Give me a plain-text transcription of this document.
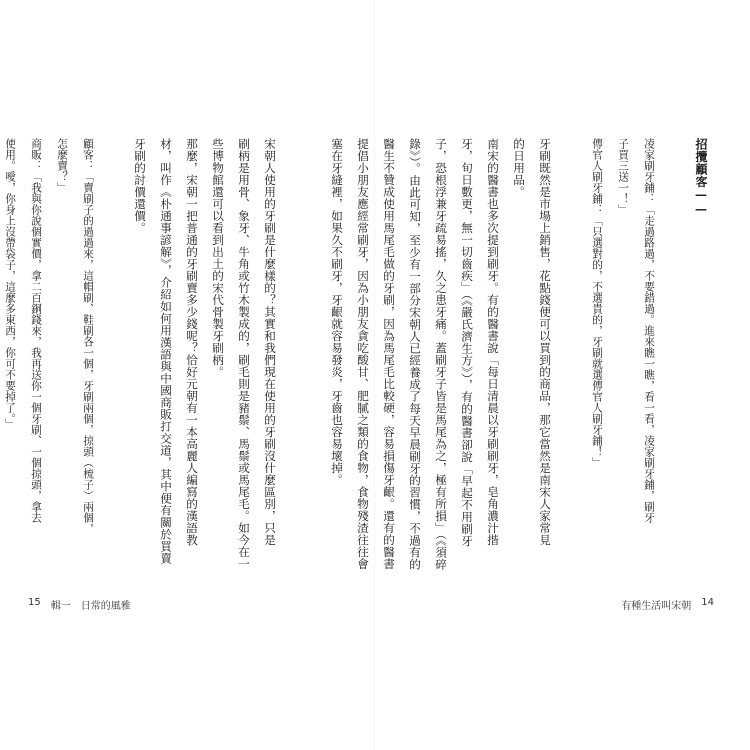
宋朝人使用的牙刷是什麼樣的？其實和我們現在使用的牙刷沒什麼區別，只是
刷柄是用骨、象牙、牛角或竹木製成的，刷毛則是豬鬃、馬鬃或馬尾毛。如今在一
些博物館還可以看到出土的宋代骨製牙刷柄。
那麼，宋朝一把普通的牙刷賣多少錢呢？恰好元朝有一本高麗人編寫的漢語教
材，叫作《朴通事諺解》，介紹如何用漢語與中國商販打交道，其中便有關於買賣
牙刷的討價還價。
顧客：「賣刷子的過過來，這帽刷、鞋刷各一個，牙刷兩個，掠頭（梳子）兩個，
怎麼賣？」
商販：「我與你說個實價，拿二百銅錢來，我再送你一個牙刷、一個掠頭，拿去
使用。噯，你身上沒帶袋子，這麼多東西，你可不要掉了。」
15 輯一　日常的風雅
招攬顧客——
凌家刷牙鋪：「走過路過，不要錯過。進來瞧一瞧，看一看，凌家刷牙鋪，刷牙
子買三送一！」
傳官人刷牙鋪：「只選對的，不選貴的，牙刷就選傳官人刷牙鋪！」
牙刷既然是市場上銷售，花點錢便可以買到的商品，那它當然是南宋人家常見
的日用品。
南宋的醫書也多次提到刷牙。有的醫書說「每日清晨以牙刷刷牙，皂角濃汁揩
牙，旬日數更，無一切齒疾」（《嚴氏濟生方》），有的醫書卻說「早起不用刷牙
子，恐根浮兼牙疏易搖，久之患牙痛。蓋刷牙子皆是馬尾為之，極有所損」（《須碎
錄》）。由此可知，至少有一部分宋朝人已經養成了每天早晨刷牙的習慣，不過有的
醫生不贊成使用馬尾毛做的牙刷，因為馬尾毛比較硬，容易損傷牙齦。還有的醫書
提倡小朋友應經常刷牙，因為小朋友貪吃酸甘、肥膩之類的食物，食物殘渣往往會
塞在牙縫裡，如果久不刷牙，牙齦就容易發炎，牙齒也容易壞掉。
有種生活叫宋朝 14
